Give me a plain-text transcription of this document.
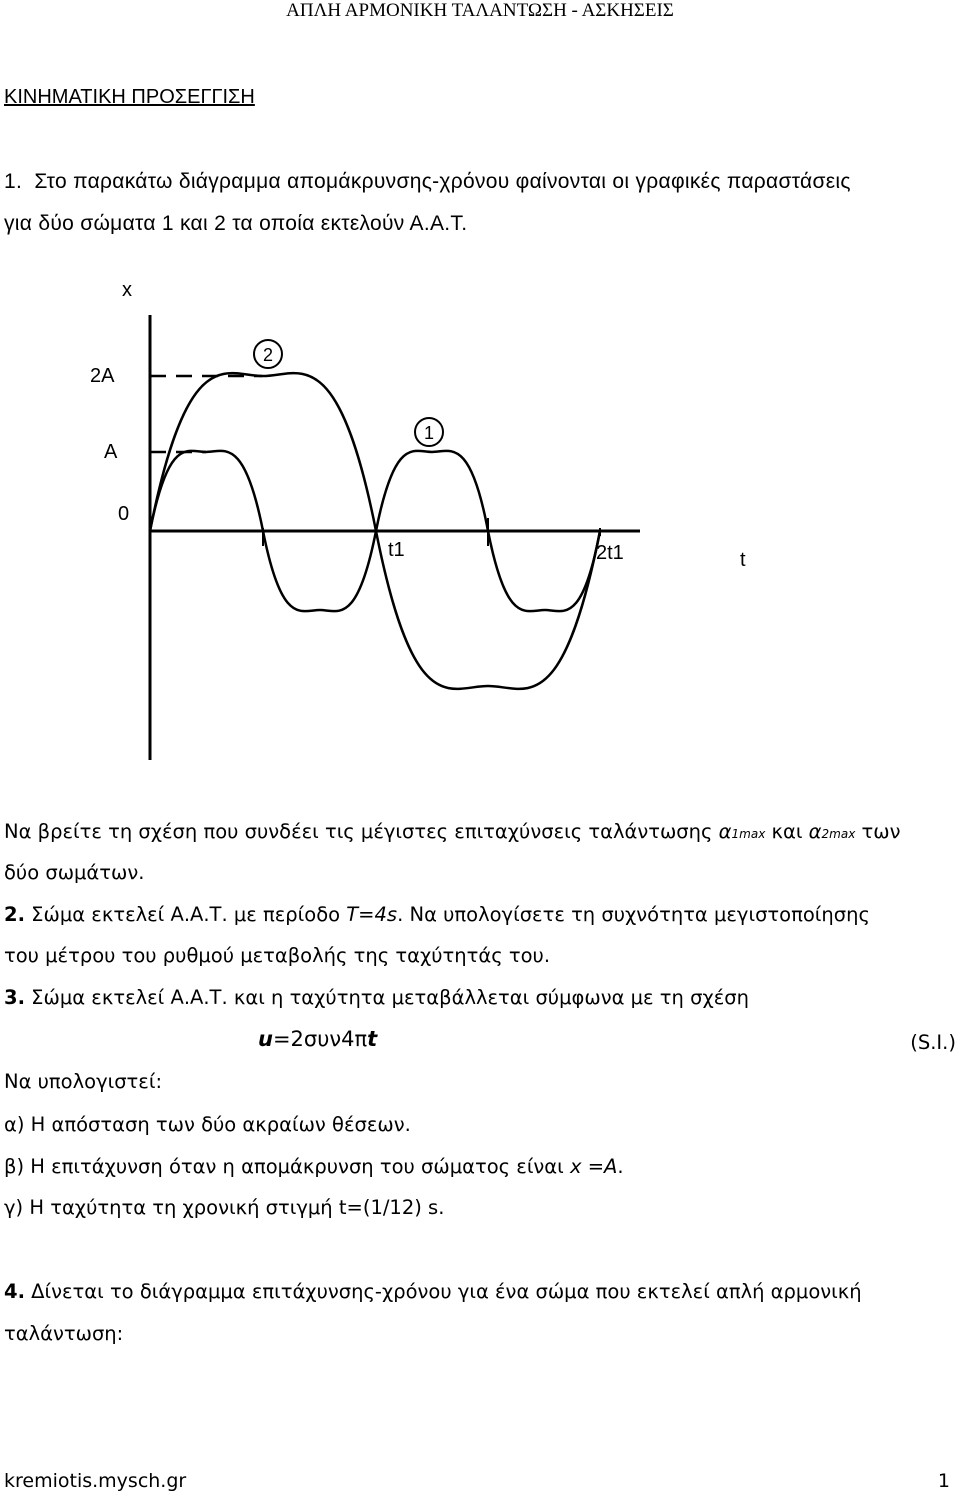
ΑΠΛΗ ΑΡΜΟΝΙΚΗ ΤΑΛΑΝΤΩΣΗ - ΑΣΚΗΣΕΙΣ
ΚΙΝΗΜΑΤΙΚΗ ΠΡΟΣΕΓΓΙΣΗ
1. Στο παρακάτω διάγραμμα απομάκρυνσης-χρόνου φαίνονται οι γραφικές παραστάσεις
για δύο σώματα 1 και 2 τα οποία εκτελούν Α.Α.Τ.
2
1
x
t
2A
A
0
t1	2t1
Να βρείτε τη σχέση που συνδέει τις μέγιστες επιταχύνσεις ταλάντωσης α1max και α2max των
δύο σωμάτων.
2. Σώμα εκτελεί Α.Α.Τ. με περίοδο Τ=4s. Να υπολογίσετε τη συχνότητα μεγιστοποίησης
του μέτρου του ρυθμού μεταβολής της ταχύτητάς του.
3. Σώμα εκτελεί Α.Α.Τ. και η ταχύτητα μεταβάλλεται σύμφωνα με τη σχέση
u=2συν4πt	(S.I.)
Να υπολογιστεί:
α) Η απόσταση των δύο ακραίων θέσεων.
β) Η επιτάχυνση όταν η απομάκρυνση του σώματος είναι x =A.
γ) Η ταχύτητα τη χρονική στιγμή t=(1/12) s.
4. Δίνεται το διάγραμμα επιτάχυνσης-χρόνου για ένα σώμα που εκτελεί απλή αρμονική
ταλάντωση:
kremiotis.mysch.gr	1
